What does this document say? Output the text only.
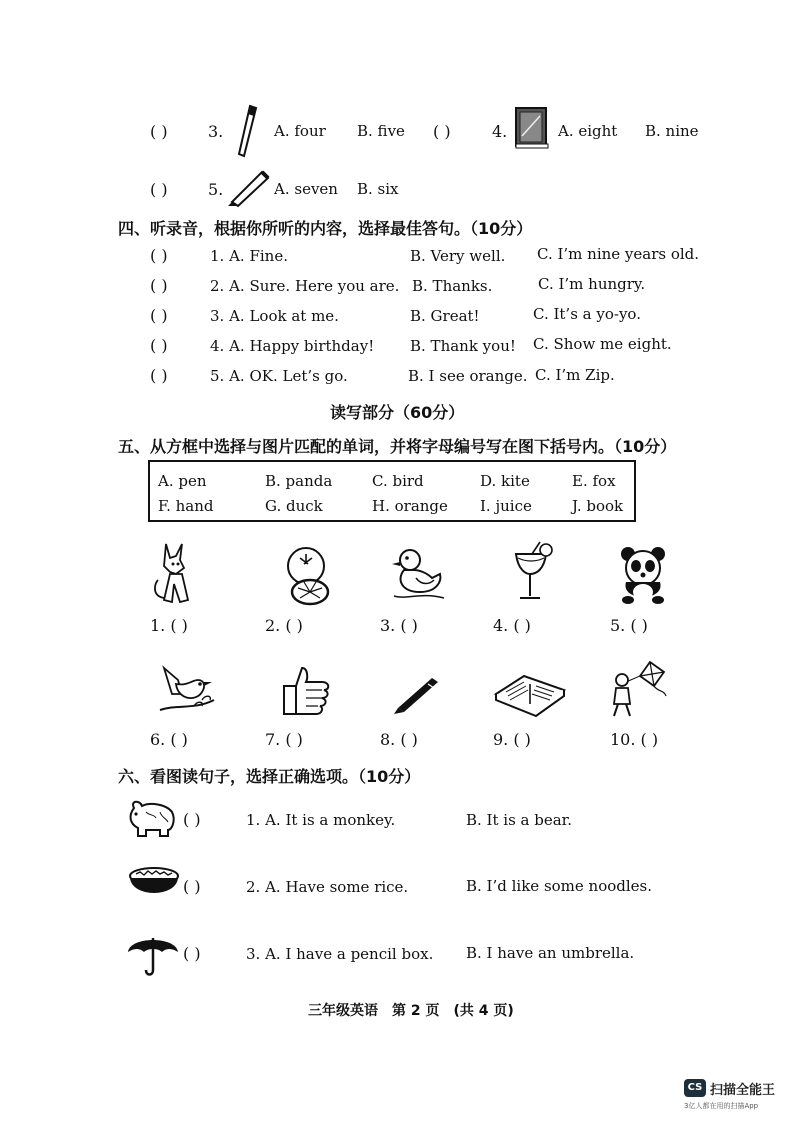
( )	3.	A. four B. five ( )	4.	A. eight B. nine
( )	5.	A. seven B. six
四、听录音，根据你所听的内容，选择最佳答句。（10分）
( )	1. A. Fine.	B. Very well. C. I’m nine years old.
( )	2. A. Sure. Here you are. B. Thanks.	C. I’m hungry.
( )	3. A. Look at me.	B. Great!	C. It’s a yo-yo.
( )	4. A. Happy birthday! B. Thank you! C. Show me eight.
( )	5. A. OK. Let’s go.	B. I see orange. C. I’m Zip.
读写部分（60分）
五、从方框中选择与图片匹配的单词，并将字母编号写在图下括号内。（10分）
A. pen	B. panda	C. bird	D. kite	E. fox
F. hand	G. duck	H. orange I. juice	J. book
1. ( )	2. ( )	3. ( )	4. ( )	5. ( )
6. ( )	7. ( )	8. ( )	9. ( )	10. ( )
六、看图读句子，选择正确选项。（10分）
( )	1. A. It is a monkey.	B. It is a bear.
( )	2. A. Have some rice.	B. I’d like some noodles.
( )	3. A. I have a pencil box. B. I have an umbrella.
三年级英语　第 2 页　(共 4 页)
CS 扫描全能王
3亿人都在用的扫描App
